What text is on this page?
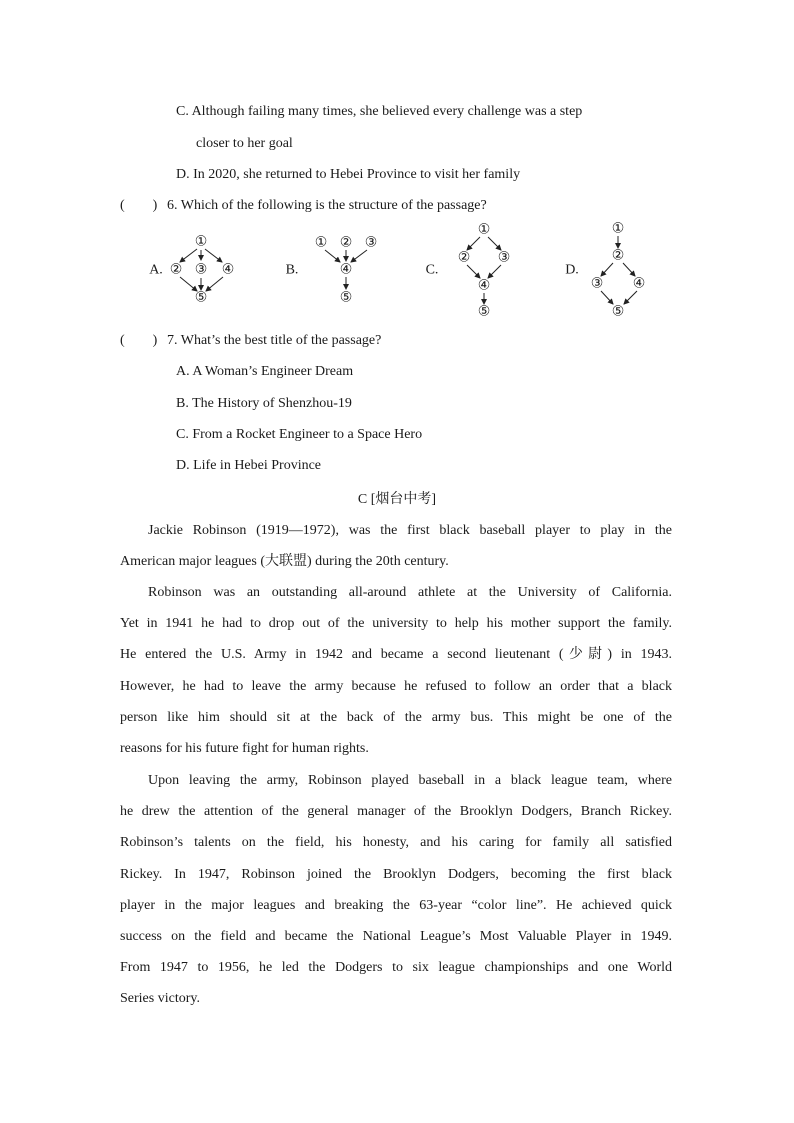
C. Although failing many times, she believed every challenge was a step
closer to her goal
D. In 2020, she returned to Hebei Province to visit her family
( ) 6. Which of the following is the structure of the passage?
A.	B.	C.	D.
①
② ③ ④
⑤
① ② ③
④
⑤
①
② ③
④
⑤
①
②
③ ④
⑤
( ) 7. What’s the best title of the passage?
A. A Woman’s Engineer Dream
B. The History of Shenzhou-19
C. From a Rocket Engineer to a Space Hero
D. Life in Hebei Province
C [烟台中考]
Jackie Robinson (1919—1972), was the first black baseball player to play in the
American major leagues (大联盟) during the 20th century.
Robinson was an outstanding all-around athlete at the University of California.
Yet in 1941 he had to drop out of the university to help his mother support the family.
He entered the U.S. Army in 1942 and became a second lieutenant (少尉) in 1943.
However, he had to leave the army because he refused to follow an order that a black
person like him should sit at the back of the army bus. This might be one of the
reasons for his future fight for human rights.
Upon leaving the army, Robinson played baseball in a black league team, where
he drew the attention of the general manager of the Brooklyn Dodgers, Branch Rickey.
Robinson’s talents on the field, his honesty, and his caring for family all satisfied
Rickey. In 1947, Robinson joined the Brooklyn Dodgers, becoming the first black
player in the major leagues and breaking the 63-year “color line”. He achieved quick
success on the field and became the National League’s Most Valuable Player in 1949.
From 1947 to 1956, he led the Dodgers to six league championships and one World
Series victory.
